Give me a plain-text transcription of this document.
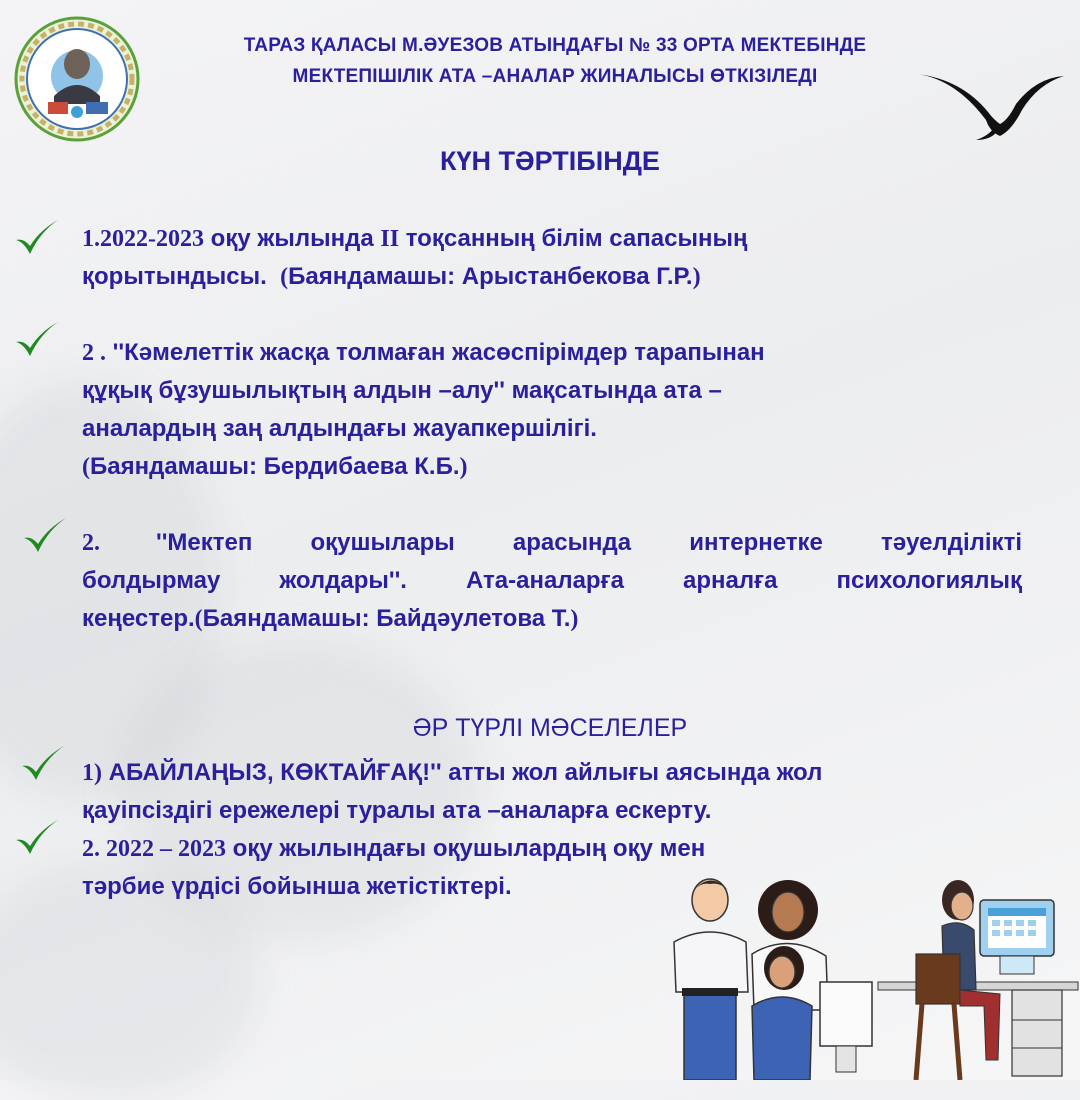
ТАРАЗ ҚАЛАСЫ М.ӘУЕЗОВ АТЫНДАҒЫ № 33 ОРТА МЕКТЕБІНДЕ
МЕКТЕПІШІЛІК АТА –АНАЛАР ЖИНАЛЫСЫ ӨТКІЗІЛЕДІ
КҮН ТӘРТІБІНДЕ
1.2022-2023 оқу жылында II тоқсанның білім сапасының
қорытындысы. (Баяндамашы: Арыстанбекова Г.Р.)
2 . ''Кәмелеттік жасқа толмаған жасөспірімдер тарапынан
құқық бұзушылықтың алдын –алу'' мақсатында ата –
аналардың заң алдындағы жауапкершілігі.
(Баяндамашы: Бердибаева К.Б.)
2. ''Мектеп оқушылары арасында интернетке тәуелділікті
болдырмау жолдары''. Ата-аналарға арналға психологиялық
кеңестер.(Баяндамашы: Байдәулетова Т.)
ӘР ТҮРЛІ МӘСЕЛЕЛЕР
1) АБАЙЛАҢЫЗ, КӨКТАЙҒАҚ!'' атты жол айлығы аясында жол
қауіпсіздігі ережелері туралы ата –аналарға ескерту.
2. 2022 – 2023 оқу жылындағы оқушылардың оқу мен
тәрбие үрдісі бойынша жетістіктері.
